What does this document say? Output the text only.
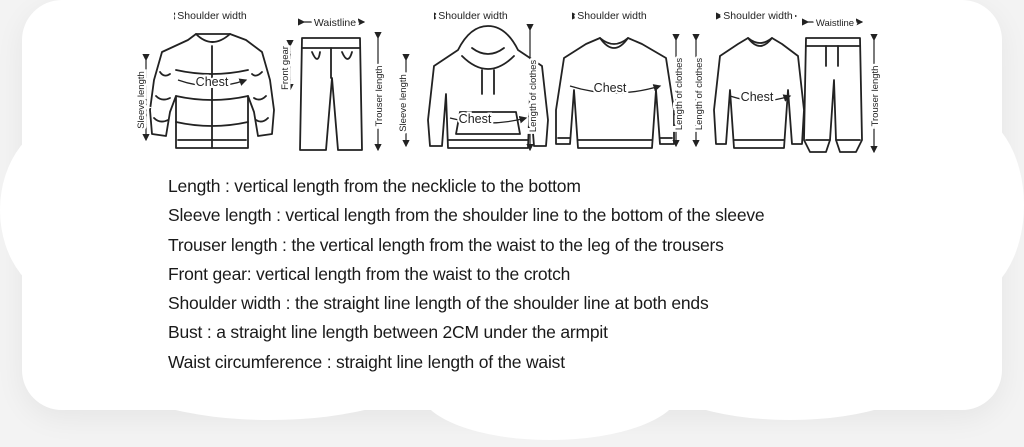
Shoulder width
Waistline
Shoulder width	Shoulder width	Shoulder width
Waistline
Chest
Chest
Chest
Chest
Sleeve length
Front gear	Trouser length Sleeve length	Length of clothes	Length of clothes Length of clothes	Trouser length
Length : vertical length from the necklicle to the bottom
Sleeve length : vertical length from the shoulder line to the bottom of the sleeve
Trouser length : the vertical length from the waist to the leg of the trousers
Front gear: vertical length from the waist to the crotch
Shoulder width : the straight line length of the shoulder line at both ends
Bust : a straight line length between 2CM under the armpit
Waist circumference : straight line length of the waist
